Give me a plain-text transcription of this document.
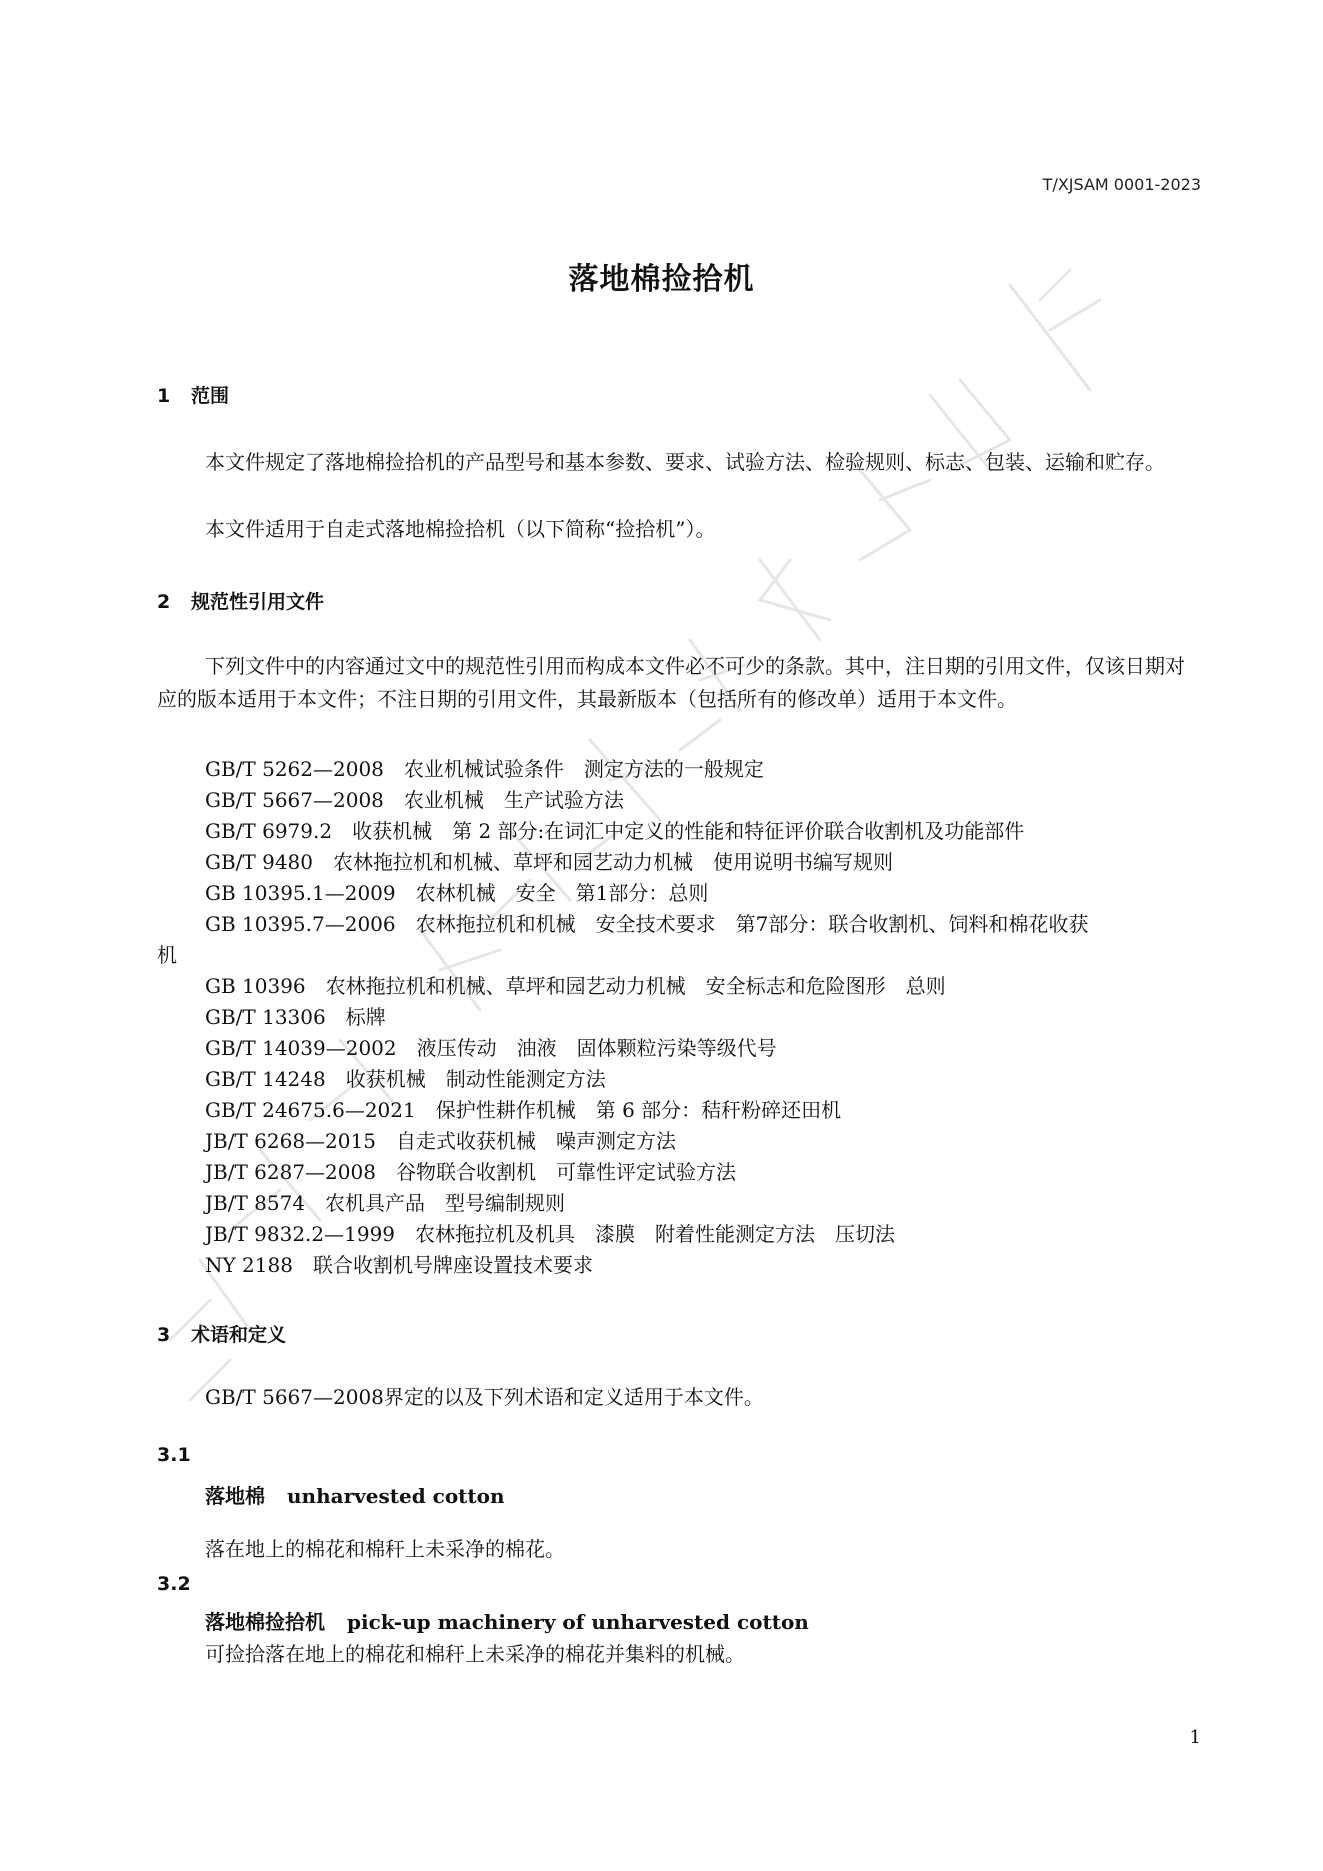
T/XJSAM 0001-2023
落地棉捡拾机
1 范围

本文件规定了落地棉捡拾机的产品型号和基本参数、要求、试验方法、检验规则、标志、包装、运输和贮存。

本文件适用于自走式落地棉捡拾机（以下简称“捡拾机”）。

2 规范性引用文件

下列文件中的内容通过文中的规范性引用而构成本文件必不可少的条款。其中，注日期的引用文件，仅该日期对应的版本适用于本文件；不注日期的引用文件，其最新版本（包括所有的修改单）适用于本文件。

GB/T 5262—2008　农业机械试验条件　测定方法的一般规定

GB/T 5667—2008　农业机械　生产试验方法

GB/T 6979.2　收获机械　第 2 部分:在词汇中定义的性能和特征评价联合收割机及功能部件

GB/T 9480　农林拖拉机和机械、草坪和园艺动力机械　使用说明书编写规则

GB 10395.1—2009　农林机械　安全　第1部分：总则

GB 10395.7—2006　农林拖拉机和机械　安全技术要求　第7部分：联合收割机、饲料和棉花收获

机

GB 10396　农林拖拉机和机械、草坪和园艺动力机械　安全标志和危险图形　总则

GB/T 13306　标牌

GB/T 14039—2002　液压传动　油液　固体颗粒污染等级代号

GB/T 14248　收获机械　制动性能测定方法

GB/T 24675.6—2021　保护性耕作机械　第 6 部分：秸秆粉碎还田机

JB/T 6268—2015　自走式收获机械　噪声测定方法

JB/T 6287—2008　谷物联合收割机　可靠性评定试验方法

JB/T 8574　农机具产品　型号编制规则

JB/T 9832.2—1999　农林拖拉机及机具　漆膜　附着性能测定方法　压切法

NY 2188　联合收割机号牌座设置技术要求

3 术语和定义

GB/T 5667—2008界定的以及下列术语和定义适用于本文件。

3.1
落地棉 unharvested cotton
落在地上的棉花和棉秆上未采净的棉花。
3.2
落地棉捡拾机 pick-up machinery of unharvested cotton
可捡拾落在地上的棉花和棉秆上未采净的棉花并集料的机械。
1
